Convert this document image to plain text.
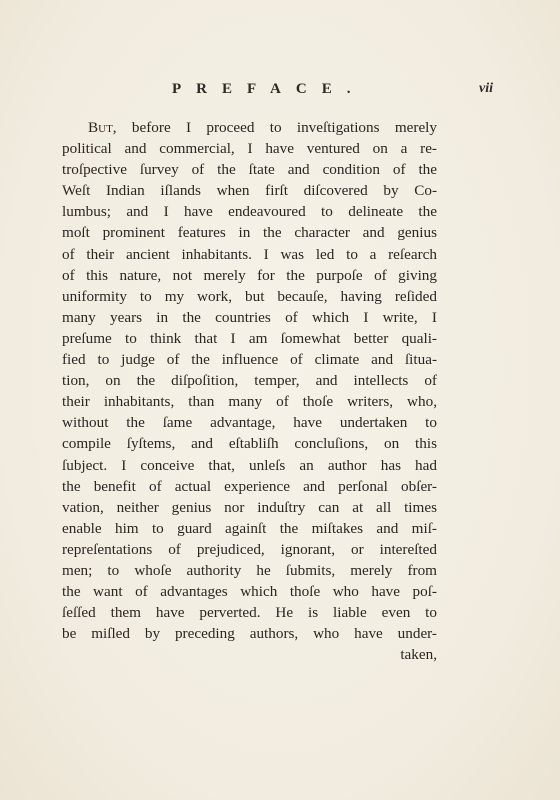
PREFACE.	vii
But, before I proceed to inveſtigations merely
political and commercial, I have ventured on a re-
troſpective ſurvey of the ſtate and condition of the
Weſt Indian iſlands when firſt diſcovered by Co-
lumbus; and I have endeavoured to delineate the
moſt prominent features in the character and genius
of their ancient inhabitants. I was led to a reſearch
of this nature, not merely for the purpoſe of giving
uniformity to my work, but becauſe, having reſided
many years in the countries of which I write, I
preſume to think that I am ſomewhat better quali-
fied to judge of the influence of climate and ſitua-
tion, on the diſpoſition, temper, and intellects of
their inhabitants, than many of thoſe writers, who,
without the ſame advantage, have undertaken to
compile ſyſtems, and eſtabliſh concluſions, on this
ſubject. I conceive that, unleſs an author has had
the benefit of actual experience and perſonal obſer-
vation, neither genius nor induſtry can at all times
enable him to guard againſt the miſtakes and miſ-
repreſentations of prejudiced, ignorant, or intereſted
men; to whoſe authority he ſubmits, merely from
the want of advantages which thoſe who have poſ-
ſeſſed them have perverted. He is liable even to
be miſled by preceding authors, who have under-
taken,
